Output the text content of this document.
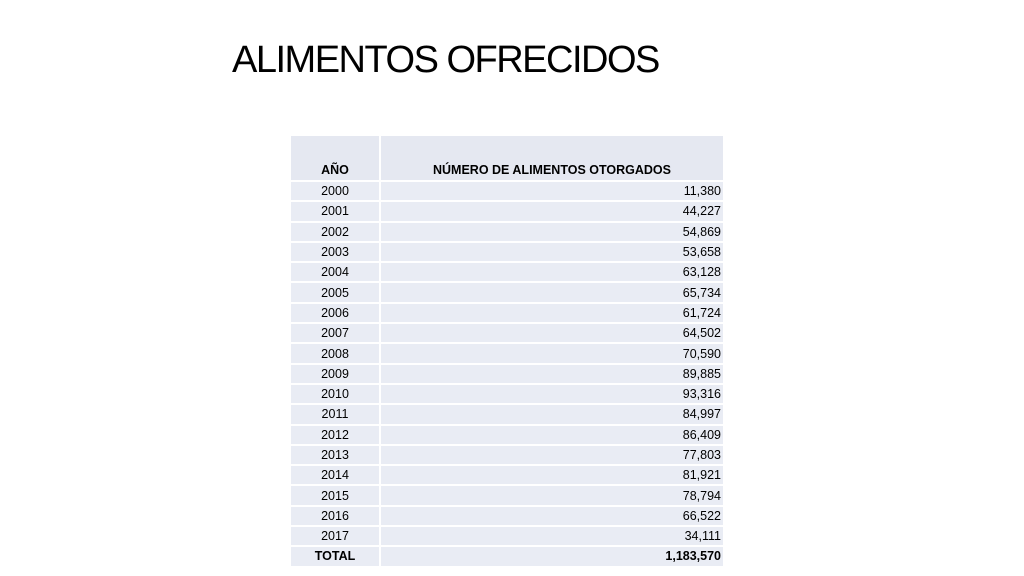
ALIMENTOS OFRECIDOS
AÑO	NÚMERO DE ALIMENTOS OTORGADOS
2000	11,380
2001	44,227
2002	54,869
2003	53,658
2004	63,128
2005	65,734
2006	61,724
2007	64,502
2008	70,590
2009	89,885
2010	93,316
2011	84,997
2012	86,409
2013	77,803
2014	81,921
2015	78,794
2016	66,522
2017	34,111
TOTAL	1,183,570
